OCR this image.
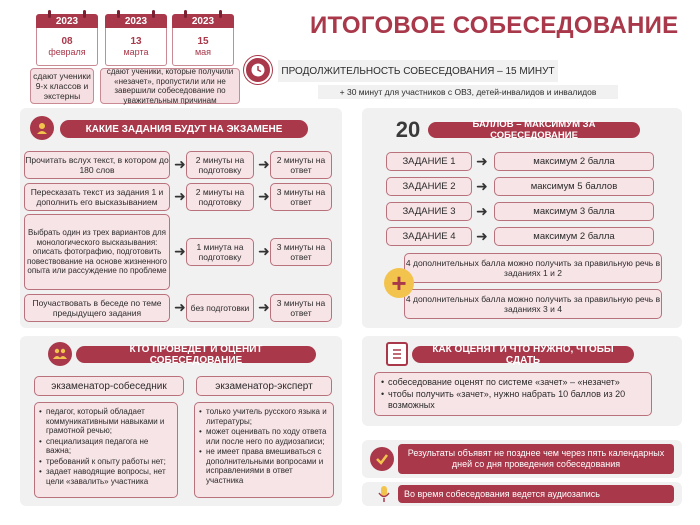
2023
08
февраля
2023
13
марта
2023
15
мая
сдают ученики 9-х классов и экстерны
сдают ученики, которые получили «незачет», пропустили или не завершили собеседование по уважительным причинам
ИТОГОВОЕ СОБЕСЕДОВАНИЕ
ПРОДОЛЖИТЕЛЬНОСТЬ СОБЕСЕДОВАНИЯ – 15 МИНУТ
+ 30 минут для участников с ОВЗ, детей-инвалидов и инвалидов
КАКИЕ ЗАДАНИЯ БУДУТ НА ЭКЗАМЕНЕ
Прочитать вслух текст, в котором до 180 слов	➜	2 минуты на подготовку	➜ 2 минуты на ответ
Пересказать текст из задания 1 и дополнить его высказыванием	➜	2 минуты на подготовку	➜ 3 минуты на ответ
Выбрать один из трех вариантов для монологического высказывания: описать фотографию, подготовить повествование на основе жизненного опыта или рассуждение по проблеме
➜	1 минута на подготовку	➜ 3 минуты на ответ
Поучаствовать в беседе по теме предыдущего задания	➜ без подготовки ➜ 3 минуты на ответ
20	БАЛЛОВ – МАКСИМУМ ЗА СОБЕСЕДОВАНИЕ
ЗАДАНИЕ 1	➜	максимум 2 балла
ЗАДАНИЕ 2	➜	максимум 5 баллов
ЗАДАНИЕ 3	➜	максимум 3 балла
ЗАДАНИЕ 4	➜	максимум 2 балла
4 дополнительных балла можно получить за правильную речь в заданиях 1 и 2
4 дополнительных балла можно получить за правильную речь в заданиях 3 и 4
+
КТО ПРОВЕДЕТ И ОЦЕНИТ СОБЕСЕДОВАНИЕ
экзаменатор-собеседник	экзаменатор-эксперт
• педагог, который обладает коммуникативными навыками и грамотной речью;
• специализация педагога не важна;
• требований к опыту работы нет;
• задает наводящие вопросы, нет цели «завалить» участника
• только учитель русского языка и литературы;
• может оценивать по ходу ответа или после него по аудиозаписи;
• не имеет права вмешиваться с дополнительными вопросами и исправлениями в ответ участника
КАК ОЦЕНЯТ И ЧТО НУЖНО, ЧТОБЫ СДАТЬ
• собеседование оценят по системе «зачет» – «незачет»
• чтобы получить «зачет», нужно набрать 10 баллов из 20 возможных
Результаты объявят не позднее чем через пять календарных дней со дня проведения собеседования
Во время собеседования ведется аудиозапись
